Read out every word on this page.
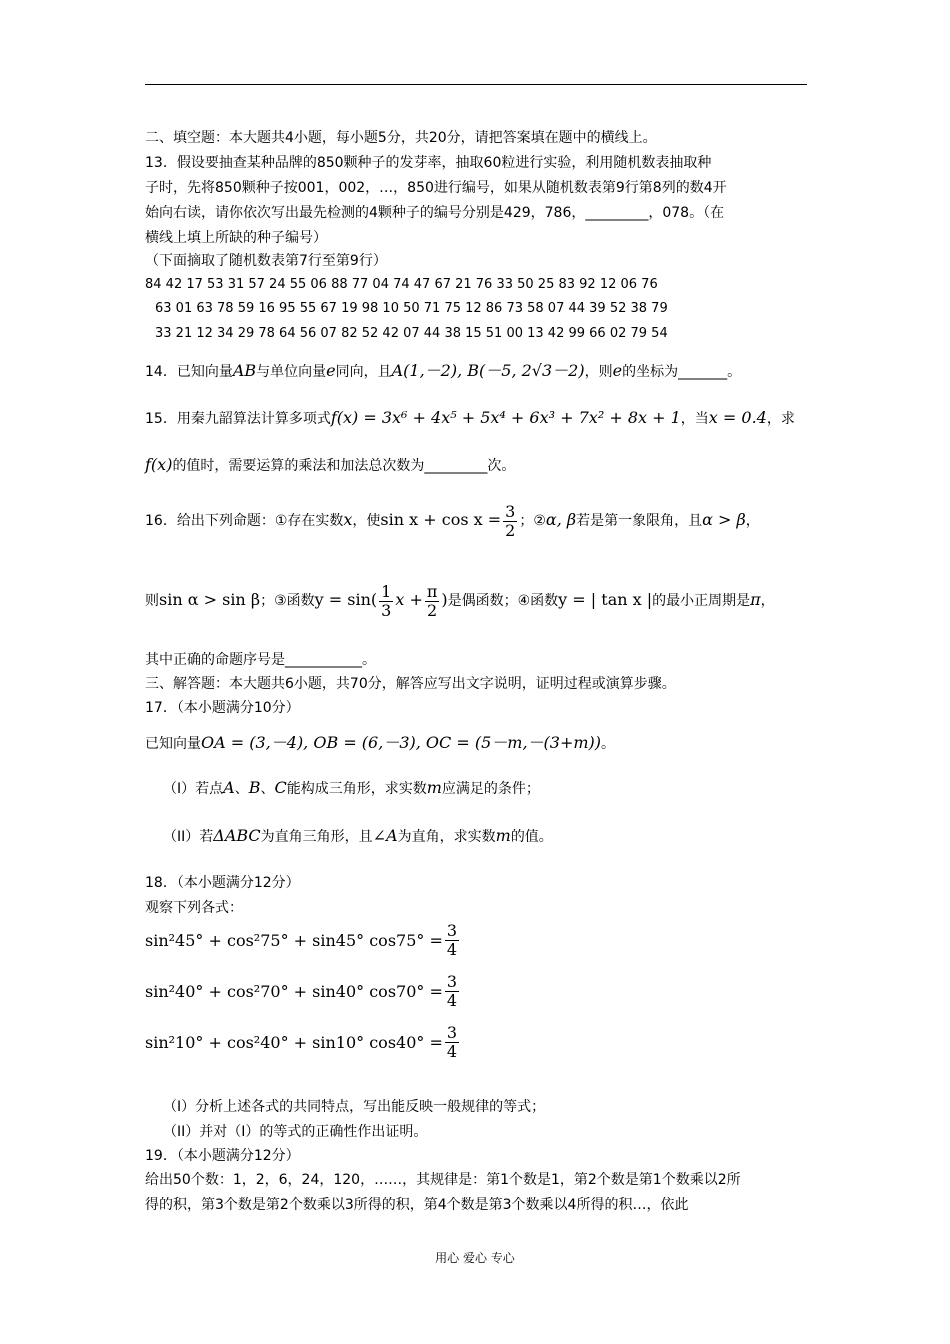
二、填空题：本大题共4小题，每小题5分，共20分，请把答案填在题中的横线上。
13．假设要抽查某种品牌的850颗种子的发芽率，抽取60粒进行实验，利用随机数表抽取种
子时，先将850颗种子按001，002，…，850进行编号，如果从随机数表第9行第8列的数4开
始向右读，请你依次写出最先检测的4颗种子的编号分别是429，786，_________，078。（在
横线上填上所缺的种子编号）
（下面摘取了随机数表第7行至第9行）
84 42 17 53 31 57 24 55 06 88 77 04 74 47 67 21 76 33 50 25 83 92 12 06 76
63 01 63 78 59 16 95 55 67 19 98 10 50 71 75 12 86 73 58 07 44 39 52 38 79
33 21 12 34 29 78 64 56 07 82 52 42 07 44 38 15 51 00 13 42 99 66 02 79 54
14．已知向量AB与单位向量e同向，且A(1,－2), B(－5, 2√3－2)，则e的坐标为_______。
15．用秦九韶算法计算多项式f(x) = 3x⁶ + 4x⁵ + 5x⁴ + 6x³ + 7x² + 8x + 1，当x = 0.4，求
f(x)的值时，需要运算的乘法和加法总次数为_________次。
16．给出下列命题：①存在实数x，使$\sin x + \cos x = \frac{3}{2}$ ；②α, β若是第一象限角，且α > β，
则sin α > sin β；③函数$y = \sin( \frac{1}{3}$ $x + \frac{\pi}{2}$ )是偶函数；④函数y = | tan x |的最小正周期是π，
其中正确的命题序号是___________。
三、解答题：本大题共6小题，共70分，解答应写出文字说明，证明过程或演算步骤。
17．（本小题满分10分）
已知向量OA = (3,－4), OB = (6,－3), OC = (5－m,－(3+m))。
（I）若点A、B、C能构成三角形，求实数m应满足的条件；
（II）若ΔABC为直角三角形，且∠A为直角，求实数m的值。
18．（本小题满分12分）
观察下列各式：
sin²45° + cos²75° + sin45° $\cos 75^\circ = \frac{3}{4}$
sin²40° + cos²70° + sin40° $\cos 70^\circ = \frac{3}{4}$
sin²10° + cos²40° + sin10° $\cos 40^\circ = \frac{3}{4}$
（I）分析上述各式的共同特点，写出能反映一般规律的等式；
（II）并对（I）的等式的正确性作出证明。
19．（本小题满分12分）
给出50个数：1，2，6，24，120，……，其规律是：第1个数是1，第2个数是第1个数乘以2所
得的积，第3个数是第2个数乘以3所得的积，第4个数是第3个数乘以4所得的积…，依此
用心 爱心 专心
